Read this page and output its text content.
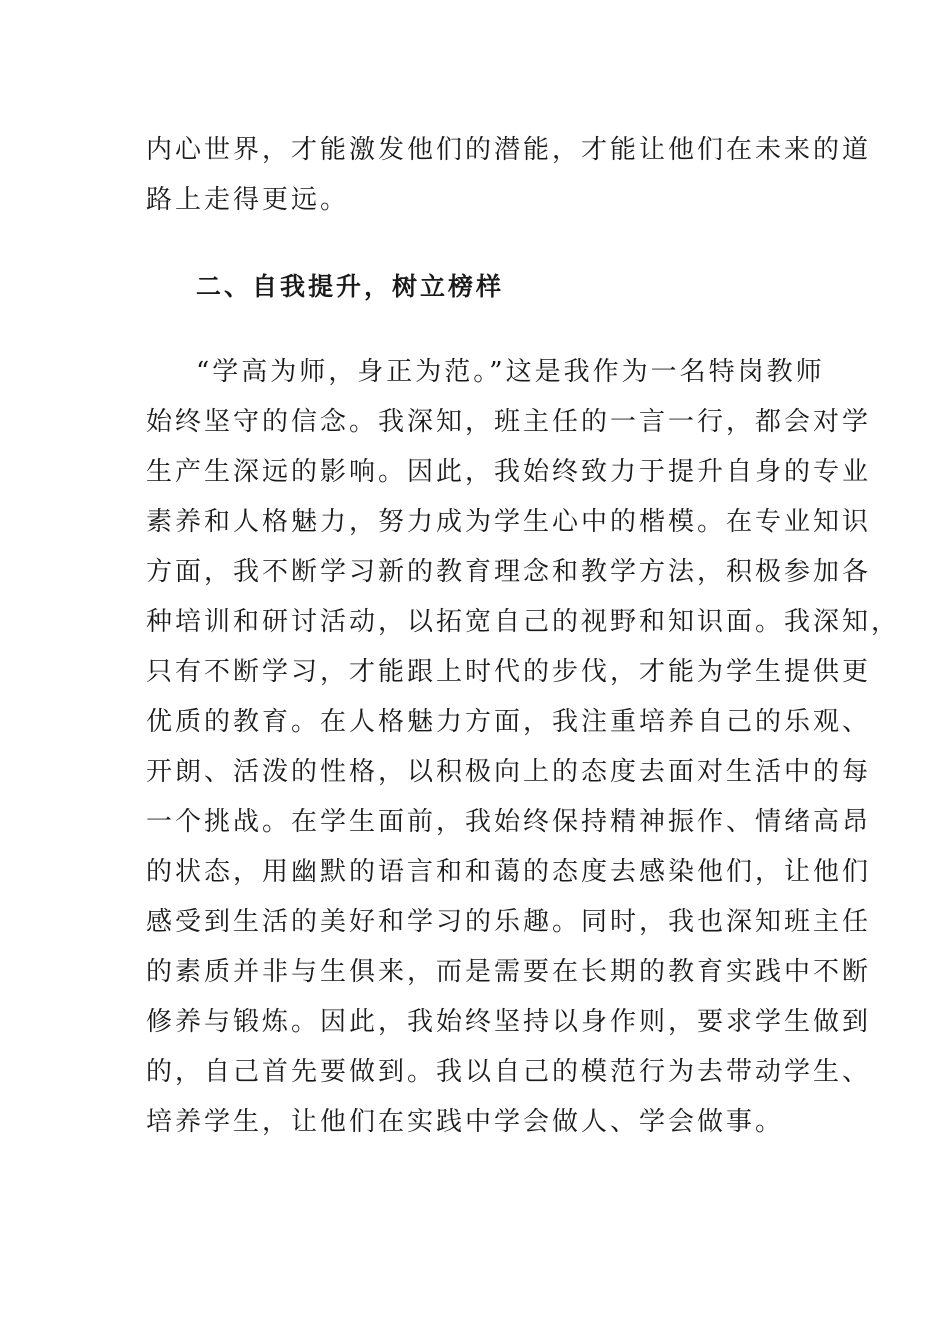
内心世界，才能激发他们的潜能，才能让他们在未来的道
路上走得更远。
二、自我提升，树立榜样
“学高为师，身正为范。”这是我作为一名特岗教师
始终坚守的信念。我深知，班主任的一言一行，都会对学
生产生深远的影响。因此，我始终致力于提升自身的专业
素养和人格魅力，努力成为学生心中的楷模。在专业知识
方面，我不断学习新的教育理念和教学方法，积极参加各
种培训和研讨活动，以拓宽自己的视野和知识面。我深知，
只有不断学习，才能跟上时代的步伐，才能为学生提供更
优质的教育。在人格魅力方面，我注重培养自己的乐观、
开朗、活泼的性格，以积极向上的态度去面对生活中的每
一个挑战。在学生面前，我始终保持精神振作、情绪高昂
的状态，用幽默的语言和和蔼的态度去感染他们，让他们
感受到生活的美好和学习的乐趣。同时，我也深知班主任
的素质并非与生俱来，而是需要在长期的教育实践中不断
修养与锻炼。因此，我始终坚持以身作则，要求学生做到
的，自己首先要做到。我以自己的模范行为去带动学生、
培养学生，让他们在实践中学会做人、学会做事。
